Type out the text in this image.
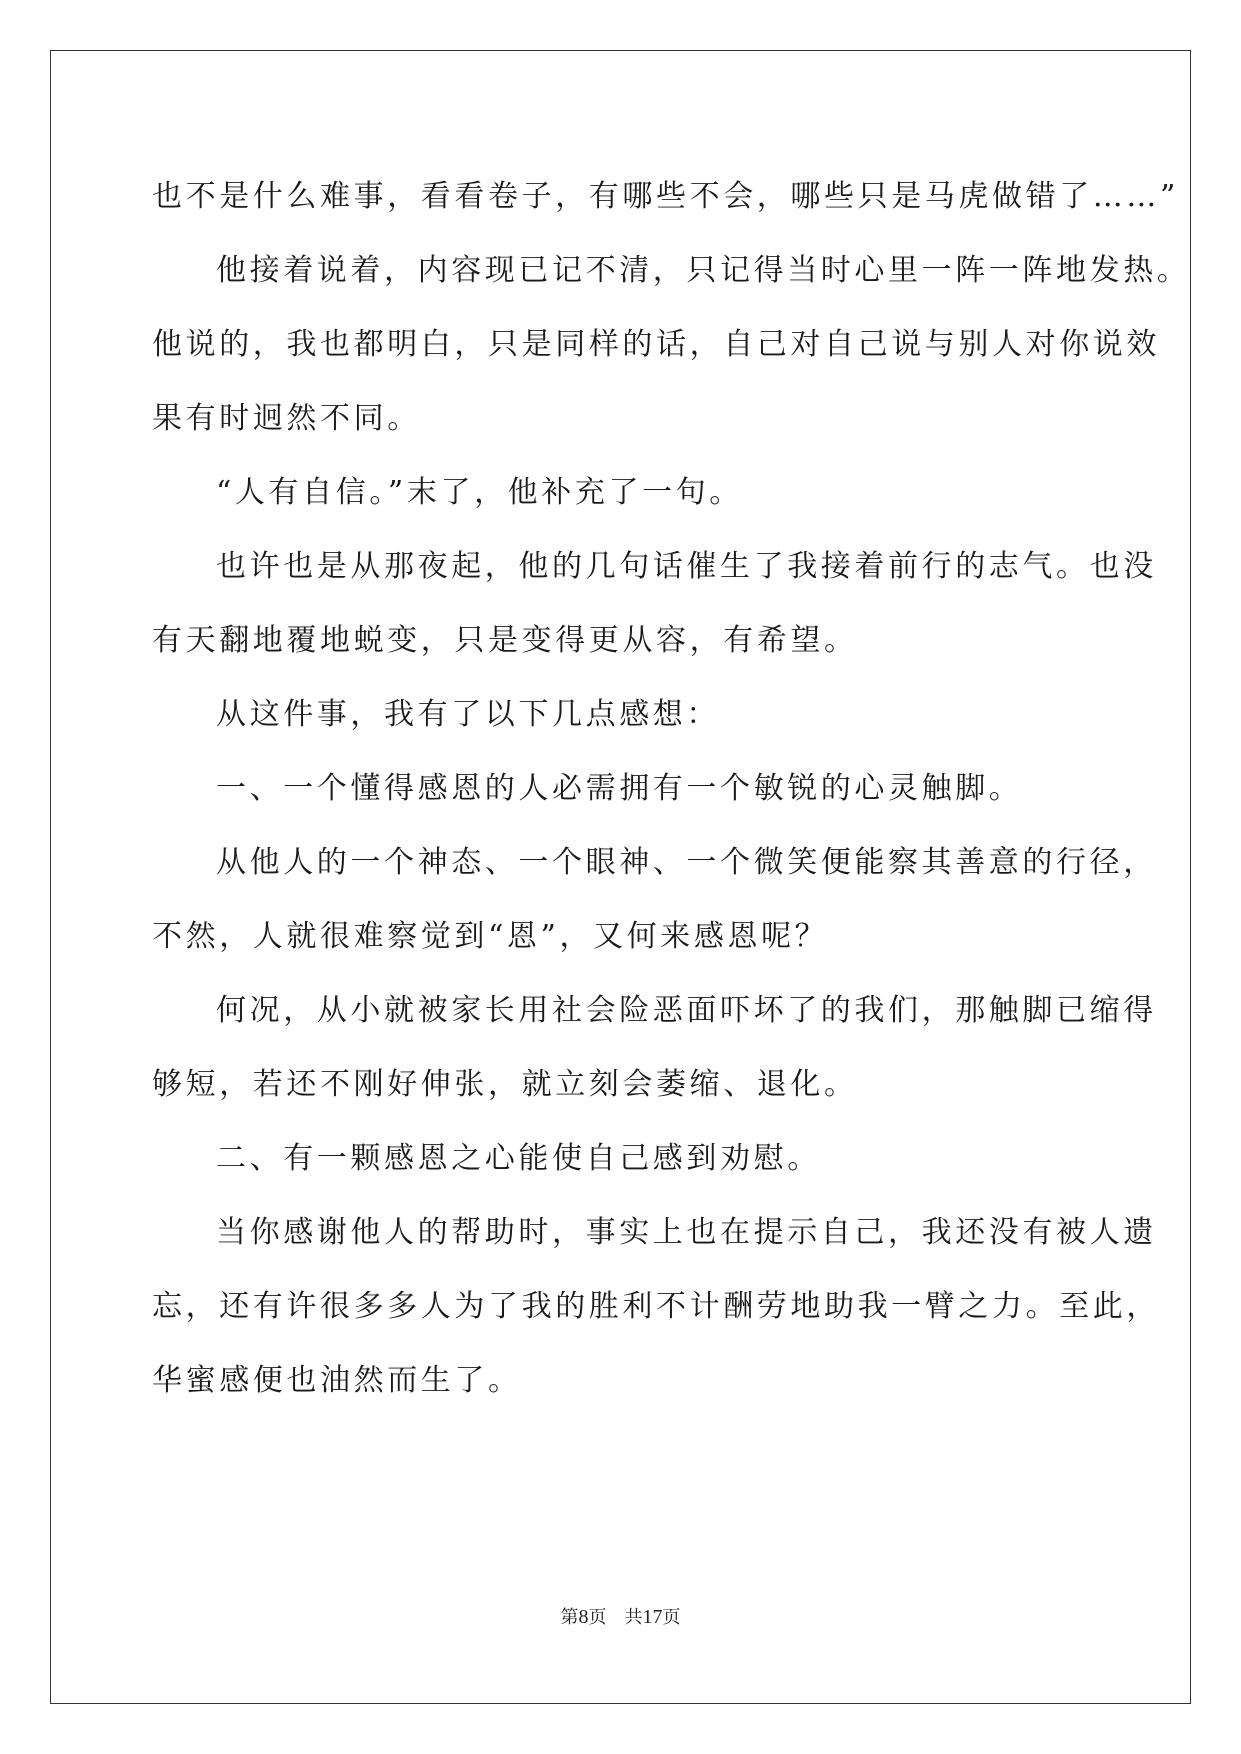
也不是什么难事，看看卷子，有哪些不会，哪些只是马虎做错了……”

他接着说着，内容现已记不清，只记得当时心里一阵一阵地发热。

他说的，我也都明白，只是同样的话，自己对自己说与别人对你说效

果有时迥然不同。

“人有自信。”末了，他补充了一句。

也许也是从那夜起，他的几句话催生了我接着前行的志气。也没

有天翻地覆地蜕变，只是变得更从容，有希望。

从这件事，我有了以下几点感想：

一、一个懂得感恩的人必需拥有一个敏锐的心灵触脚。

从他人的一个神态、一个眼神、一个微笑便能察其善意的行径，

不然，人就很难察觉到“恩”，又何来感恩呢？

何况，从小就被家长用社会险恶面吓坏了的我们，那触脚已缩得

够短，若还不刚好伸张，就立刻会萎缩、退化。

二、有一颗感恩之心能使自己感到劝慰。

当你感谢他人的帮助时，事实上也在提示自己，我还没有被人遗

忘，还有许很多多人为了我的胜利不计酬劳地助我一臂之力。至此，

华蜜感便也油然而生了。

第8页 共17页
